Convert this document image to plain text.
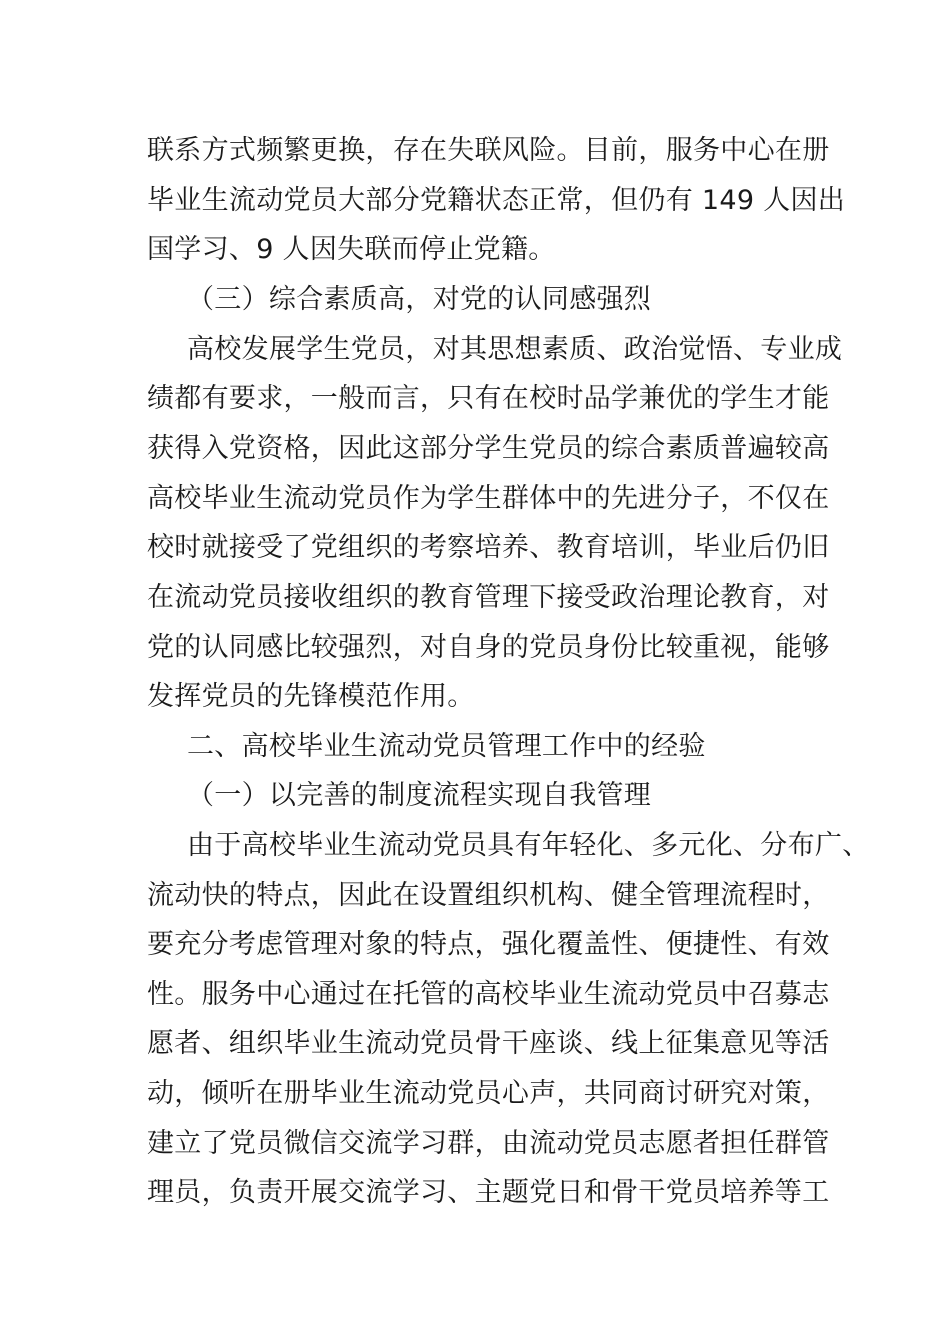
联系方式频繁更换，存在失联风险。目前，服务中心在册
毕业生流动党员大部分党籍状态正常，但仍有 149 人因出
国学习、9 人因失联而停止党籍。
（三）综合素质高，对党的认同感强烈
高校发展学生党员，对其思想素质、政治觉悟、专业成
绩都有要求，一般而言，只有在校时品学兼优的学生才能
获得入党资格，因此这部分学生党员的综合素质普遍较高
高校毕业生流动党员作为学生群体中的先进分子，不仅在
校时就接受了党组织的考察培养、教育培训，毕业后仍旧
在流动党员接收组织的教育管理下接受政治理论教育，对
党的认同感比较强烈，对自身的党员身份比较重视，能够
发挥党员的先锋模范作用。
二、高校毕业生流动党员管理工作中的经验
（一）以完善的制度流程实现自我管理
由于高校毕业生流动党员具有年轻化、多元化、分布广、
流动快的特点，因此在设置组织机构、健全管理流程时，
要充分考虑管理对象的特点，强化覆盖性、便捷性、有效
性。服务中心通过在托管的高校毕业生流动党员中召募志
愿者、组织毕业生流动党员骨干座谈、线上征集意见等活
动，倾听在册毕业生流动党员心声，共同商讨研究对策，
建立了党员微信交流学习群，由流动党员志愿者担任群管
理员，负责开展交流学习、主题党日和骨干党员培养等工
